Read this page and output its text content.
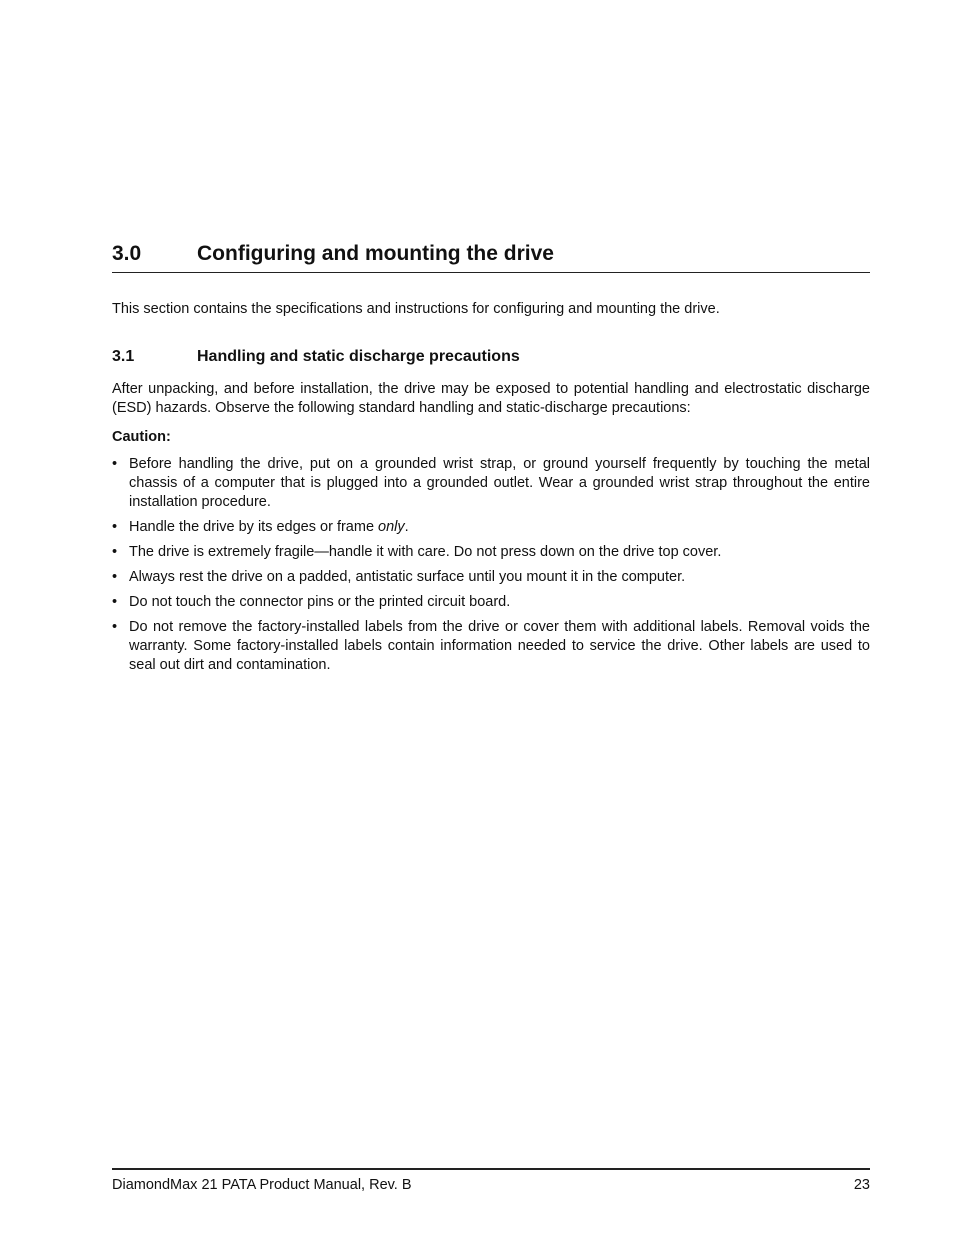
3.0	Configuring and mounting the drive
This section contains the specifications and instructions for configuring and mounting the drive.
3.1	Handling and static discharge precautions
After unpacking, and before installation, the drive may be exposed to potential handling and electrostatic discharge (ESD) hazards. Observe the following standard handling and static-discharge precautions:
Caution:
• Before handling the drive, put on a grounded wrist strap, or ground yourself frequently by touching the metal chassis of a computer that is plugged into a grounded outlet. Wear a grounded wrist strap throughout the entire installation procedure.
• Handle the drive by its edges or frame only.
• The drive is extremely fragile—handle it with care. Do not press down on the drive top cover.
• Always rest the drive on a padded, antistatic surface until you mount it in the computer.
• Do not touch the connector pins or the printed circuit board.
• Do not remove the factory-installed labels from the drive or cover them with additional labels. Removal voids the warranty. Some factory-installed labels contain information needed to service the drive. Other labels are used to seal out dirt and contamination.
DiamondMax 21 PATA Product Manual, Rev. B	23
